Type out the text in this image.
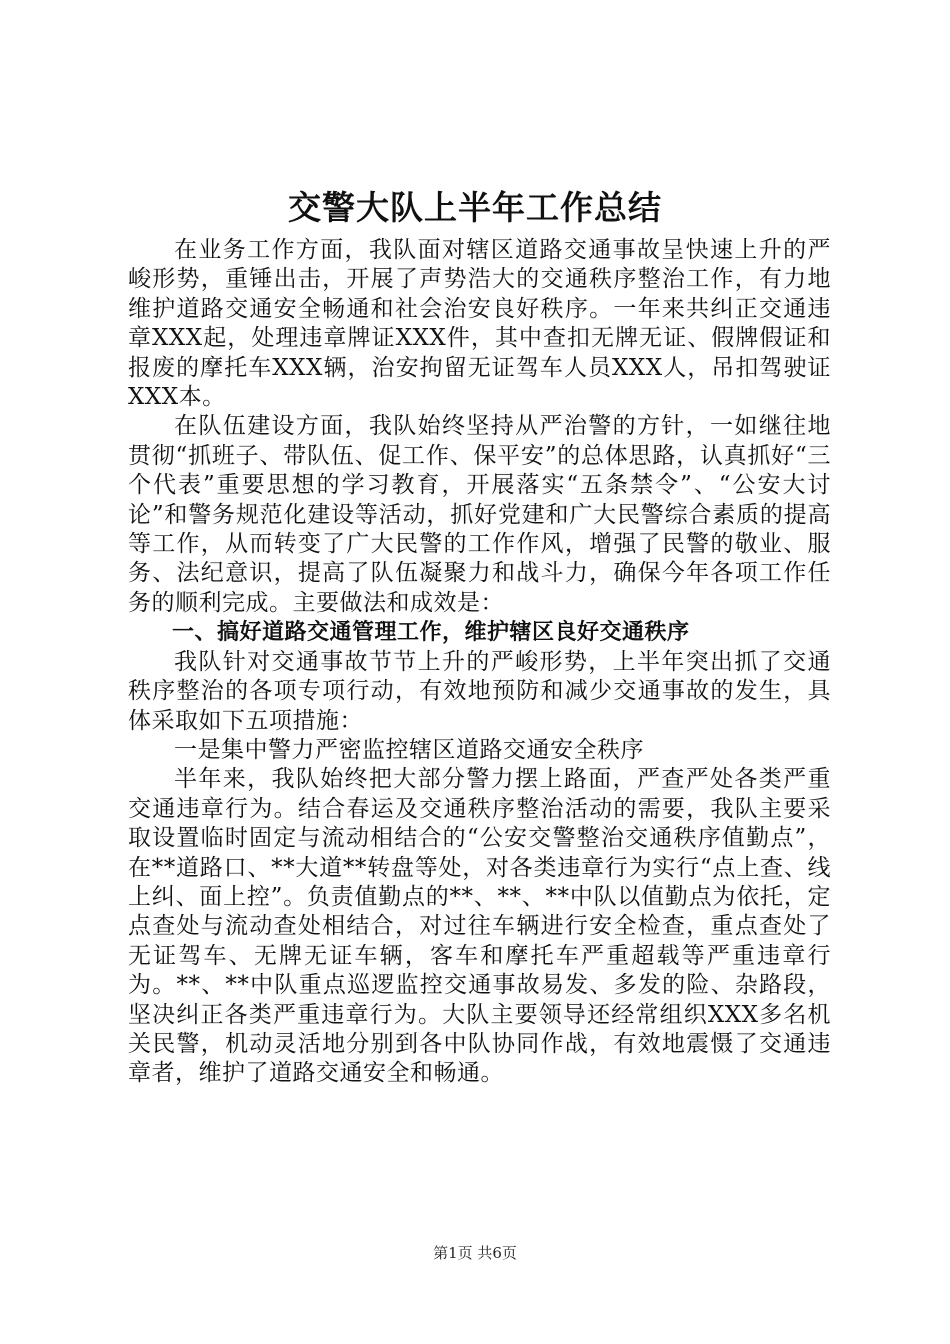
交警大队上半年工作总结

在业务工作方面，我队面对辖区道路交通事故呈快速上升的严峻形势，重锤出击，开展了声势浩大的交通秩序整治工作，有力地维护道路交通安全畅通和社会治安良好秩序。一年来共纠正交通违章XXX起，处理违章牌证XXX件，其中查扣无牌无证、假牌假证和报废的摩托车XXX辆，治安拘留无证驾车人员XXX人，吊扣驾驶证XXX本。

在队伍建设方面，我队始终坚持从严治警的方针，一如继往地贯彻“抓班子、带队伍、促工作、保平安”的总体思路，认真抓好“三个代表”重要思想的学习教育，开展落实“五条禁令”、“公安大讨论”和警务规范化建设等活动，抓好党建和广大民警综合素质的提高等工作，从而转变了广大民警的工作作风，增强了民警的敬业、服务、法纪意识，提高了队伍凝聚力和战斗力，确保今年各项工作任务的顺利完成。主要做法和成效是：

一、搞好道路交通管理工作，维护辖区良好交通秩序

我队针对交通事故节节上升的严峻形势，上半年突出抓了交通秩序整治的各项专项行动，有效地预防和减少交通事故的发生，具体采取如下五项措施：

一是集中警力严密监控辖区道路交通安全秩序

半年来，我队始终把大部分警力摆上路面，严查严处各类严重交通违章行为。结合春运及交通秩序整治活动的需要，我队主要采取设置临时固定与流动相结合的“公安交警整治交通秩序值勤点”，在**道路口、**大道**转盘等处，对各类违章行为实行“点上查、线上纠、面上控”。负责值勤点的**、**、**中队以值勤点为依托，定点查处与流动查处相结合，对过往车辆进行安全检查，重点查处了无证驾车、无牌无证车辆，客车和摩托车严重超载等严重违章行为。**、**中队重点巡逻监控交通事故易发、多发的险、杂路段，坚决纠正各类严重违章行为。大队主要领导还经常组织XXX多名机关民警，机动灵活地分别到各中队协同作战，有效地震慑了交通违章者，维护了道路交通安全和畅通。

第1页 共6页
